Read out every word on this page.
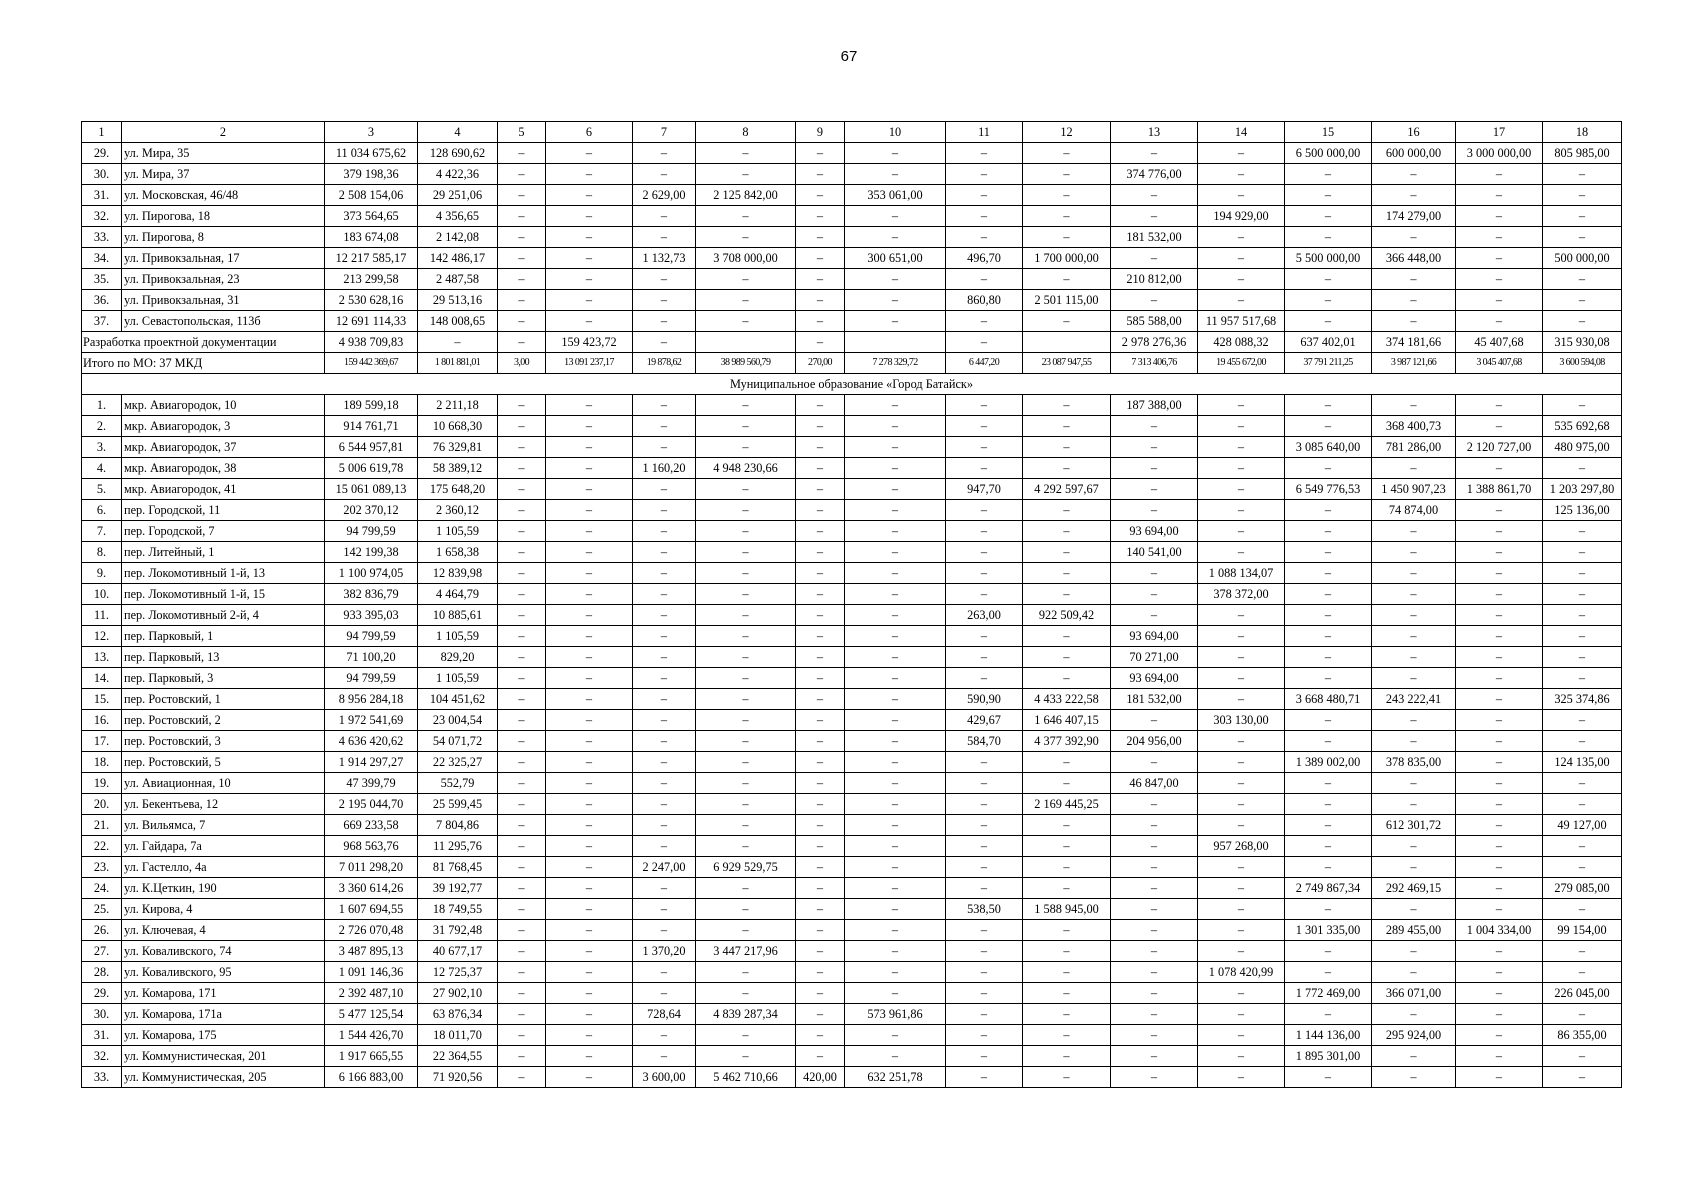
67
1	2	3	4	5	6	7	8	9	10	11	12	13	14	15	16	17	18
29.	ул. Мира, 35	11 034 675,62	128 690,62	–	–	–	–	–	–	–	–	–	–	6 500 000,00	600 000,00	3 000 000,00	805 985,00
30.	ул. Мира, 37	379 198,36	4 422,36	–	–	–	–	–	–	–	–	374 776,00	–	–	–	–	–
31.	ул. Московская, 46/48	2 508 154,06	29 251,06	–	–	2 629,00	2 125 842,00	–	353 061,00	–	–	–	–	–	–	–	–
32.	ул. Пирогова, 18	373 564,65	4 356,65	–	–	–	–	–	–	–	–	–	194 929,00	–	174 279,00	–	–
33.	ул. Пирогова, 8	183 674,08	2 142,08	–	–	–	–	–	–	–	–	181 532,00	–	–	–	–	–
34.	ул. Привокзальная, 17	12 217 585,17	142 486,17	–	–	1 132,73	3 708 000,00	–	300 651,00	496,70	1 700 000,00	–	–	5 500 000,00	366 448,00	–	500 000,00
35.	ул. Привокзальная, 23	213 299,58	2 487,58	–	–	–	–	–	–	–	–	210 812,00	–	–	–	–	–
36.	ул. Привокзальная, 31	2 530 628,16	29 513,16	–	–	–	–	–	–	860,80	2 501 115,00	–	–	–	–	–	–
37.	ул. Севастопольская, 113б	12 691 114,33	148 008,65	–	–	–	–	–	–	–	–	585 588,00	11 957 517,68	–	–	–	–
Разработка проектной документации		4 938 709,83	–	–	159 423,72	–		–		–		2 978 276,36	428 088,32	637 402,01	374 181,66	45 407,68	315 930,08
Итого по МО: 37 МКД		159 442 369,67	1 801 881,01	3,00	13 091 237,17	19 878,62	38 989 560,79	270,00	7 278 329,72	6 447,20	23 087 947,55	7 313 406,76	19 455 672,00	37 791 211,25	3 987 121,66	3 045 407,68	3 600 594,08
Муниципальное образование «Город Батайск»																	
1.	мкр. Авиагородок, 10	189 599,18	2 211,18	–	–	–	–	–	–	–	–	187 388,00	–	–	–	–	–
2.	мкр. Авиагородок, 3	914 761,71	10 668,30	–	–	–	–	–	–	–	–	–	–	–	368 400,73	–	535 692,68
3.	мкр. Авиагородок, 37	6 544 957,81	76 329,81	–	–	–	–	–	–	–	–	–	–	3 085 640,00	781 286,00	2 120 727,00	480 975,00
4.	мкр. Авиагородок, 38	5 006 619,78	58 389,12	–	–	1 160,20	4 948 230,66	–	–	–	–	–	–	–	–	–	–
5.	мкр. Авиагородок, 41	15 061 089,13	175 648,20	–	–	–	–	–	–	947,70	4 292 597,67	–	–	6 549 776,53	1 450 907,23	1 388 861,70	1 203 297,80
6.	пер. Городской, 11	202 370,12	2 360,12	–	–	–	–	–	–	–	–	–	–	–	74 874,00	–	125 136,00
7.	пер. Городской, 7	94 799,59	1 105,59	–	–	–	–	–	–	–	–	93 694,00	–	–	–	–	–
8.	пер. Литейный, 1	142 199,38	1 658,38	–	–	–	–	–	–	–	–	140 541,00	–	–	–	–	–
9.	пер. Локомотивный 1-й, 13	1 100 974,05	12 839,98	–	–	–	–	–	–	–	–	–	1 088 134,07	–	–	–	–
10.	пер. Локомотивный 1-й, 15	382 836,79	4 464,79	–	–	–	–	–	–	–	–	–	378 372,00	–	–	–	–
11.	пер. Локомотивный 2-й, 4	933 395,03	10 885,61	–	–	–	–	–	–	263,00	922 509,42	–	–	–	–	–	–
12.	пер. Парковый, 1	94 799,59	1 105,59	–	–	–	–	–	–	–	–	93 694,00	–	–	–	–	–
13.	пер. Парковый, 13	71 100,20	829,20	–	–	–	–	–	–	–	–	70 271,00	–	–	–	–	–
14.	пер. Парковый, 3	94 799,59	1 105,59	–	–	–	–	–	–	–	–	93 694,00	–	–	–	–	–
15.	пер. Ростовский, 1	8 956 284,18	104 451,62	–	–	–	–	–	–	590,90	4 433 222,58	181 532,00	–	3 668 480,71	243 222,41	–	325 374,86
16.	пер. Ростовский, 2	1 972 541,69	23 004,54	–	–	–	–	–	–	429,67	1 646 407,15	–	303 130,00	–	–	–	–
17.	пер. Ростовский, 3	4 636 420,62	54 071,72	–	–	–	–	–	–	584,70	4 377 392,90	204 956,00	–	–	–	–	–
18.	пер. Ростовский, 5	1 914 297,27	22 325,27	–	–	–	–	–	–	–	–	–	–	1 389 002,00	378 835,00	–	124 135,00
19.	ул. Авиационная, 10	47 399,79	552,79	–	–	–	–	–	–	–	–	46 847,00	–	–	–	–	–
20.	ул. Бекентьева, 12	2 195 044,70	25 599,45	–	–	–	–	–	–	–	2 169 445,25	–	–	–	–	–	–
21.	ул. Вильямса, 7	669 233,58	7 804,86	–	–	–	–	–	–	–	–	–	–	–	612 301,72	–	49 127,00
22.	ул. Гайдара, 7а	968 563,76	11 295,76	–	–	–	–	–	–	–	–	–	957 268,00	–	–	–	–
23.	ул. Гастелло, 4а	7 011 298,20	81 768,45	–	–	2 247,00	6 929 529,75	–	–	–	–	–	–	–	–	–	–
24.	ул. К.Цеткин, 190	3 360 614,26	39 192,77	–	–	–	–	–	–	–	–	–	–	2 749 867,34	292 469,15	–	279 085,00
25.	ул. Кирова, 4	1 607 694,55	18 749,55	–	–	–	–	–	–	538,50	1 588 945,00	–	–	–	–	–	–
26.	ул. Ключевая, 4	2 726 070,48	31 792,48	–	–	–	–	–	–	–	–	–	–	1 301 335,00	289 455,00	1 004 334,00	99 154,00
27.	ул. Коваливского, 74	3 487 895,13	40 677,17	–	–	1 370,20	3 447 217,96	–	–	–	–	–	–	–	–	–	–
28.	ул. Коваливского, 95	1 091 146,36	12 725,37	–	–	–	–	–	–	–	–	–	1 078 420,99	–	–	–	–
29.	ул. Комарова, 171	2 392 487,10	27 902,10	–	–	–	–	–	–	–	–	–	–	1 772 469,00	366 071,00	–	226 045,00
30.	ул. Комарова, 171а	5 477 125,54	63 876,34	–	–	728,64	4 839 287,34	–	573 961,86	–	–	–	–	–	–	–	–
31.	ул. Комарова, 175	1 544 426,70	18 011,70	–	–	–	–	–	–	–	–	–	–	1 144 136,00	295 924,00	–	86 355,00
32.	ул. Коммунистическая, 201	1 917 665,55	22 364,55	–	–	–	–	–	–	–	–	–	–	1 895 301,00	–	–	–
33.	ул. Коммунистическая, 205	6 166 883,00	71 920,56	–	–	3 600,00	5 462 710,66	420,00	632 251,78	–	–	–	–	–	–	–	–
